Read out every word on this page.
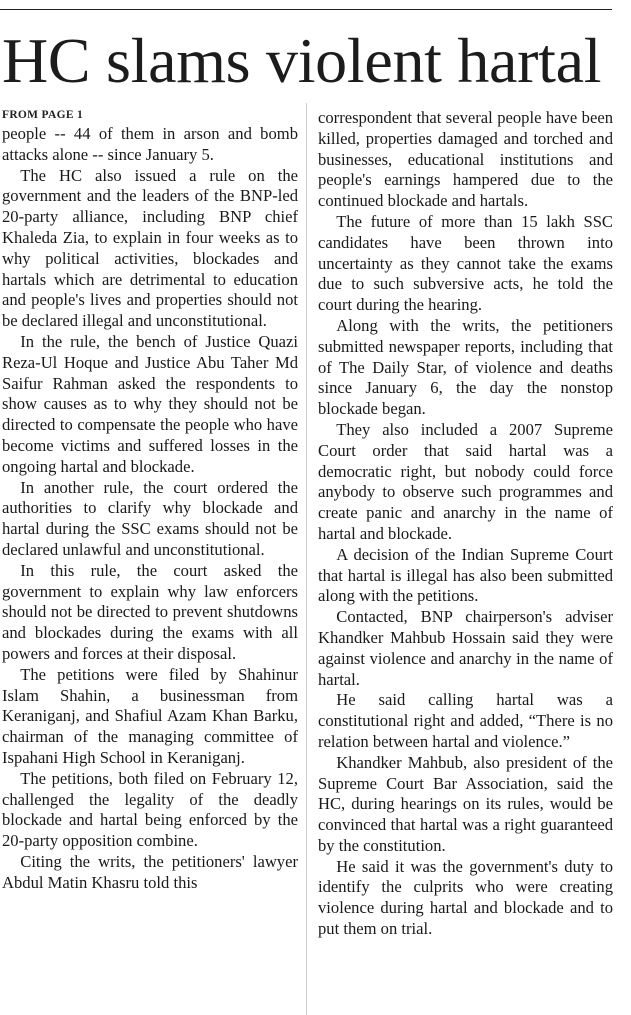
HC slams violent hartal
FROM PAGE 1

people -- 44 of them in arson and bomb attacks alone -- since January 5.

The HC also issued a rule on the government and the leaders of the BNP-led 20-party alliance, including BNP chief Khaleda Zia, to explain in four weeks as to why political activities, blockades and hartals which are detrimental to education and people's lives and properties should not be declared illegal and unconstitutional.

In the rule, the bench of Justice Quazi Reza-Ul Hoque and Justice Abu Taher Md Saifur Rahman asked the respondents to show causes as to why they should not be directed to compensate the people who have become victims and suffered losses in the ongoing hartal and blockade.

In another rule, the court ordered the authorities to clarify why blockade and hartal during the SSC exams should not be declared unlawful and unconstitutional.

In this rule, the court asked the government to explain why law enforcers should not be directed to prevent shutdowns and blockades during the exams with all powers and forces at their disposal.

The petitions were filed by Shahinur Islam Shahin, a businessman from Keraniganj, and Shafiul Azam Khan Barku, chairman of the managing committee of Ispahani High School in Keraniganj.

The petitions, both filed on February 12, challenged the legality of the deadly blockade and hartal being enforced by the 20-party opposition combine.

Citing the writs, the petitioners' lawyer Abdul Matin Khasru told this

correspondent that several people have been killed, properties damaged and torched and businesses, educational institutions and people's earnings hampered due to the continued blockade and hartals.

The future of more than 15 lakh SSC candidates have been thrown into uncertainty as they cannot take the exams due to such subversive acts, he told the court during the hearing.

Along with the writs, the petitioners submitted newspaper reports, including that of The Daily Star, of violence and deaths since January 6, the day the nonstop blockade began.

They also included a 2007 Supreme Court order that said hartal was a democratic right, but nobody could force anybody to observe such programmes and create panic and anarchy in the name of hartal and blockade.

A decision of the Indian Supreme Court that hartal is illegal has also been submitted along with the petitions.

Contacted, BNP chairperson's adviser Khandker Mahbub Hossain said they were against violence and anarchy in the name of hartal.

He said calling hartal was a constitutional right and added, “There is no relation between hartal and violence.”

Khandker Mahbub, also president of the Supreme Court Bar Association, said the HC, during hearings on its rules, would be convinced that hartal was a right guaranteed by the constitution.

He said it was the government's duty to identify the culprits who were creating violence during hartal and blockade and to put them on trial.
